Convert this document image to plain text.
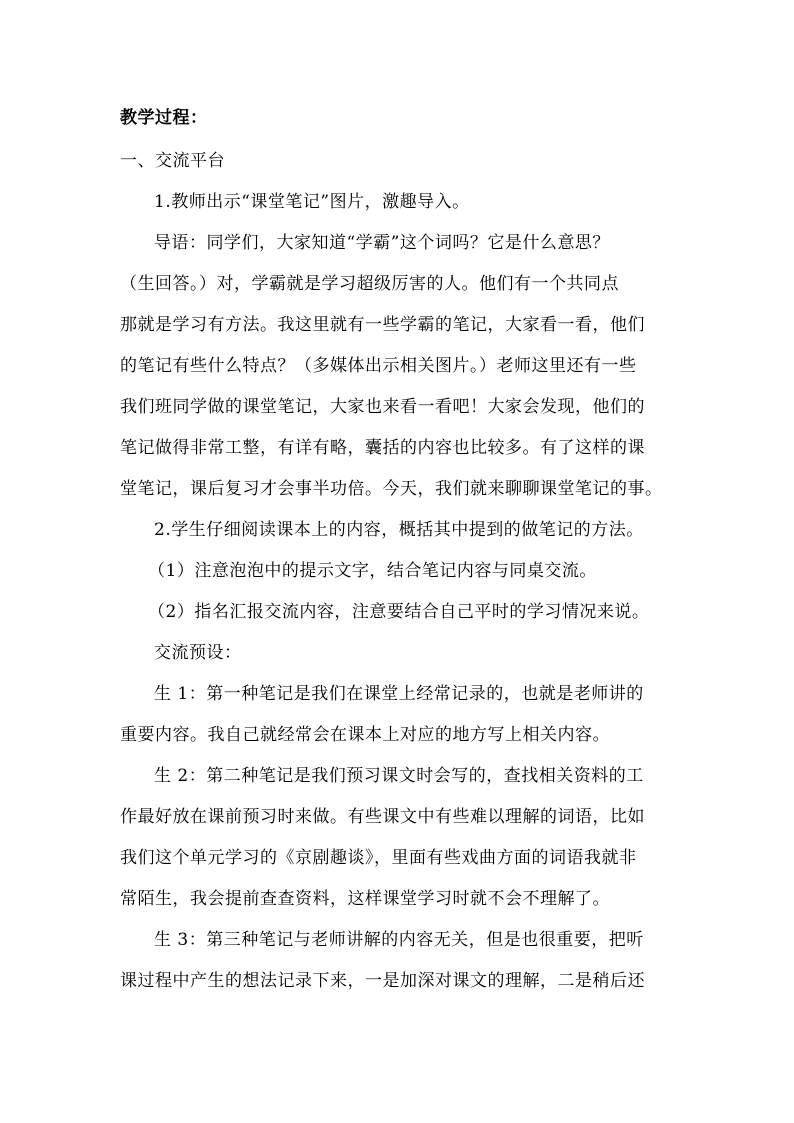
教学过程：
一、交流平台
1.教师出示“课堂笔记”图片，激趣导入。
导语：同学们，大家知道“学霸”这个词吗？它是什么意思？
（生回答。）对，学霸就是学习超级厉害的人。他们有一个共同点
那就是学习有方法。我这里就有一些学霸的笔记，大家看一看，他们
的笔记有些什么特点？（多媒体出示相关图片。）老师这里还有一些
我们班同学做的课堂笔记，大家也来看一看吧！大家会发现，他们的
笔记做得非常工整，有详有略，囊括的内容也比较多。有了这样的课
堂笔记，课后复习才会事半功倍。今天，我们就来聊聊课堂笔记的事。
2.学生仔细阅读课本上的内容，概括其中提到的做笔记的方法。
（1）注意泡泡中的提示文字，结合笔记内容与同桌交流。
（2）指名汇报交流内容，注意要结合自己平时的学习情况来说。
交流预设：
生 1：第一种笔记是我们在课堂上经常记录的，也就是老师讲的
重要内容。我自己就经常会在课本上对应的地方写上相关内容。
生 2：第二种笔记是我们预习课文时会写的，查找相关资料的工
作最好放在课前预习时来做。有些课文中有些难以理解的词语，比如
我们这个单元学习的《京剧趣谈》，里面有些戏曲方面的词语我就非
常陌生，我会提前查查资料，这样课堂学习时就不会不理解了。
生 3：第三种笔记与老师讲解的内容无关，但是也很重要，把听
课过程中产生的想法记录下来，一是加深对课文的理解，二是稍后还
